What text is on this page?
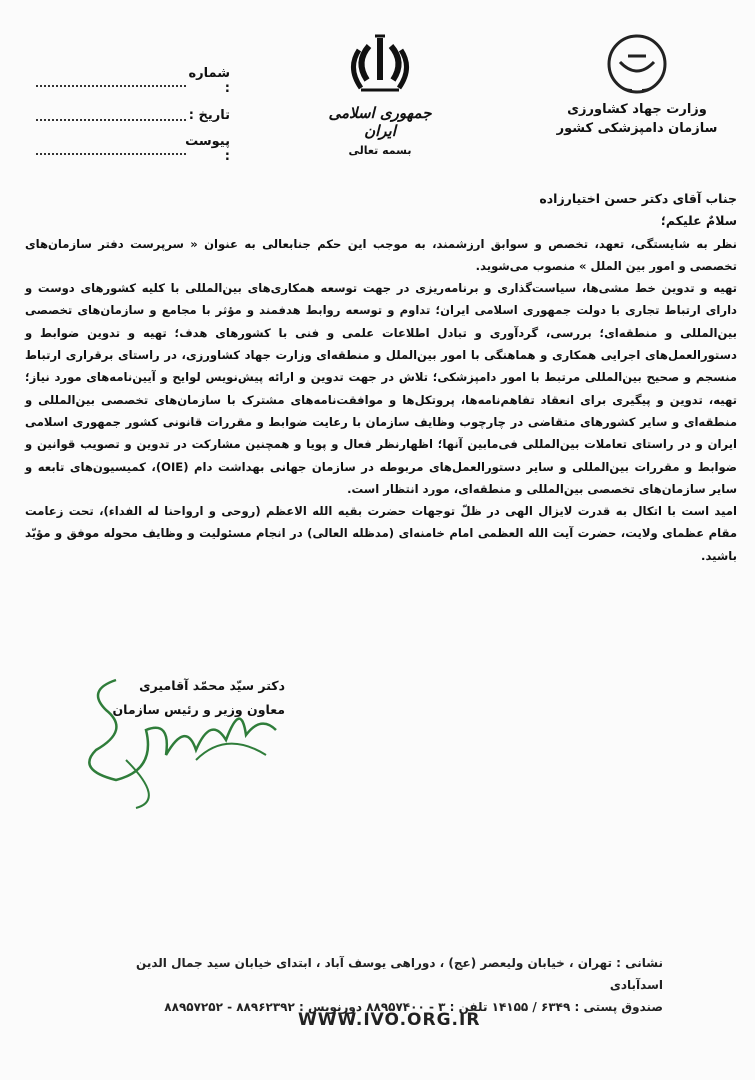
وزارت جهاد کشاورزی
سازمان دامپزشکی کشور
جمهوری اسلامی ایران
بسمه تعالی
شماره :
تاریخ :
پیوست :
جناب آقای دکتر حسن اختیارزاده
سلامٌ علیکم؛
نظر به شایستگی، تعهد، تخصص و سوابق ارزشمند، به موجب این حکم جنابعالی به عنوان « سرپرست دفتر سازمان‌های تخصصی و امور بین الملل » منصوب می‌شوید.
تهیه و تدوین خط مشی‌ها، سیاست‌گذاری و برنامه‌ریزی در جهت توسعه همکاری‌های بین‌المللی با کلیه کشورهای دوست و دارای ارتباط تجاری با دولت جمهوری اسلامی ایران؛ تداوم و توسعه روابط هدفمند و مؤثر با مجامع و سازمان‌های تخصصی بین‌المللی و منطقه‌ای؛ بررسی، گردآوری و تبادل اطلاعات علمی و فنی با کشورهای هدف؛ تهیه و تدوین ضوابط و دستورالعمل‌های اجرایی همکاری و هماهنگی با امور بین‌الملل و منطقه‌ای وزارت جهاد کشاورزی، در راستای برقراری ارتباط منسجم و صحیح بین‌المللی مرتبط با امور دامپزشکی؛ تلاش در جهت تدوین و ارائه پیش‌نویس لوایح و آیین‌نامه‌های مورد نیاز؛ تهیه، تدوین و پیگیری برای انعقاد تفاهم‌نامه‌ها، پروتکل‌ها و موافقت‌نامه‌های مشترک با سازمان‌های تخصصی بین‌المللی و منطقه‌ای و سایر کشورهای متقاضی در چارچوب وظایف سازمان با رعایت ضوابط و مقررات قانونی کشور جمهوری اسلامی ایران و در راستای تعاملات بین‌المللی فی‌مابین آنها؛ اظهارنظر فعال و پویا و همچنین مشارکت در تدوین و تصویب قوانین و ضوابط و مقررات بین‌المللی و سایر دستورالعمل‌های مربوطه در سازمان جهانی بهداشت دام (OIE)، کمیسیون‌های تابعه و سایر سازمان‌های تخصصی بین‌المللی و منطقه‌ای، مورد انتظار است.
امید است با اتکال به قدرت لایزال الهی در ظلّ توجهات حضرت بقیه الله الاعظم (روحی و ارواحنا له الفداء)، تحت زعامت مقام عظمای ولایت، حضرت آیت الله العظمی امام خامنه‌ای (مدظله العالی) در انجام مسئولیت و وظایف محوله موفق و مؤیّد باشید.
دکتر سیّد محمّد آقامیری
معاون وزیر و رئیس سازمان
نشانی : تهران ، خیابان ولیعصر (عج) ، دوراهی یوسف آباد ، ابتدای خیابان سید جمال الدین اسدآبادی
صندوق پستی : ۶۳۴۹ / ۱۴۱۵۵ تلفن : ۳ - ۸۸۹۵۷۴۰۰ دورنویس : ۸۸۹۶۲۳۹۲ - ۸۸۹۵۷۲۵۲
WWW.IVO.ORG.IR
